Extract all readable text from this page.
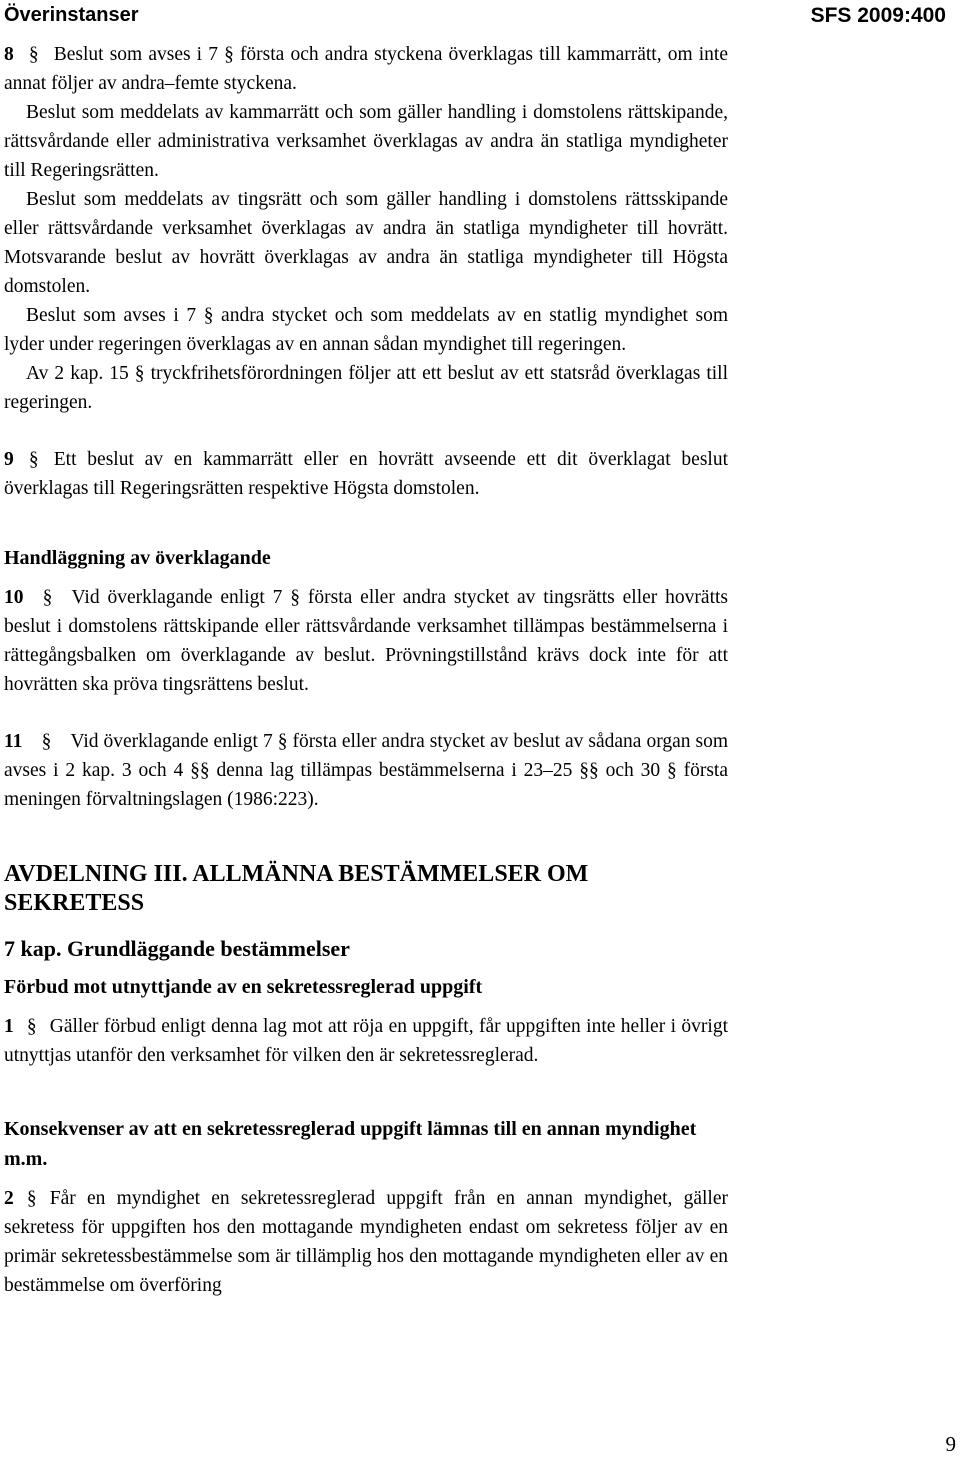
Överinstanser	SFS 2009:400

8 § Beslut som avses i 7 § första och andra styckena överklagas till kammarrätt, om inte annat följer av andra–femte styckena.

Beslut som meddelats av kammarrätt och som gäller handling i domstolens rättskipande, rättsvårdande eller administrativa verksamhet överklagas av andra än statliga myndigheter till Regeringsrätten.

Beslut som meddelats av tingsrätt och som gäller handling i domstolens rättsskipande eller rättsvårdande verksamhet överklagas av andra än statliga myndigheter till hovrätt. Motsvarande beslut av hovrätt överklagas av andra än statliga myndigheter till Högsta domstolen.

Beslut som avses i 7 § andra stycket och som meddelats av en statlig myndighet som lyder under regeringen överklagas av en annan sådan myndighet till regeringen.

Av 2 kap. 15 § tryckfrihetsförordningen följer att ett beslut av ett statsråd överklagas till regeringen.

9 § Ett beslut av en kammarrätt eller en hovrätt avseende ett dit överklagat beslut överklagas till Regeringsrätten respektive Högsta domstolen.

Handläggning av överklagande

10 § Vid överklagande enligt 7 § första eller andra stycket av tingsrätts eller hovrätts beslut i domstolens rättskipande eller rättsvårdande verksamhet tillämpas bestämmelserna i rättegångsbalken om överklagande av beslut. Prövningstillstånd krävs dock inte för att hovrätten ska pröva tingsrättens beslut.

11 § Vid överklagande enligt 7 § första eller andra stycket av beslut av sådana organ som avses i 2 kap. 3 och 4 §§ denna lag tillämpas bestämmelserna i 23–25 §§ och 30 § första meningen förvaltningslagen (1986:223).

AVDELNING III. ALLMÄNNA BESTÄMMELSER OM SEKRETESS
7 kap. Grundläggande bestämmelser
Förbud mot utnyttjande av en sekretessreglerad uppgift

1 § Gäller förbud enligt denna lag mot att röja en uppgift, får uppgiften inte heller i övrigt utnyttjas utanför den verksamhet för vilken den är sekretessreglerad.

Konsekvenser av att en sekretessreglerad uppgift lämnas till en annan myndighet m.m.

2 § Får en myndighet en sekretessreglerad uppgift från en annan myndighet, gäller sekretess för uppgiften hos den mottagande myndigheten endast om sekretess följer av en primär sekretessbestämmelse som är tillämplig hos den mottagande myndigheten eller av en bestämmelse om överföring

9
